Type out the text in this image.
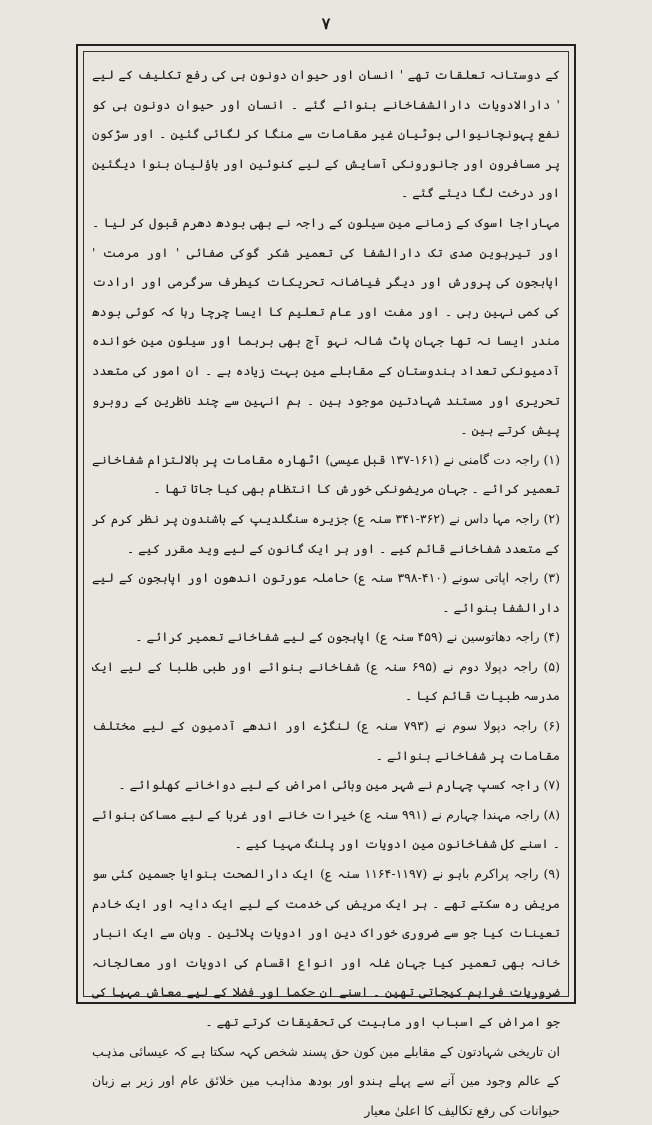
۷

کے دوستانہ تعلقات تھے ' انسان اور حیوان دونون ہی کی رفع تکلیف کے لیے ' دارالادویات دارالشفاخانے بنوائے گئے ۔ انسان اور حیوان دونون ہی کو نفع پہونچانیوالی بوٹیان غیر مقامات سے منگا کر لگائی گئین ۔ اور سڑکون پر مسافرون اور جانورونکی آسایش کے لیے کنوئین اور باؤلیان بنوا دیگئین اور درخت لگا دیئے گئے ۔

مہاراجا اسوک کے زمانے مین سیلون کے راجہ نے بھی بودھ دھرم قبول کر لیا ۔ اور تیرہوین صدی تک دارالشفا کی تعمیر شکر گوکی صفائی ' اور مرمت ' اپاہجون کی پرورش اور دیگر فیاضانہ تحریکات کیطرف سرگرمی اور ارادت کی کمی نہین رہی ۔ اور مفت اور عام تعلیم کا ایسا چرچا رہا کہ کوئی بودھ مندر ایسا نہ تھا جہان پاٹ شالہ نہو آج بھی برہما اور سیلون مین خواندہ آدمیونکی تعداد ہندوستان کے مقابلے مین بہت زیادہ ہے ۔ ان امور کی متعدد تحریری اور مستند شہادتین موجود ہین ۔ ہم انہین سے چند ناظرین کے روبرو پیش کرتے ہین ۔

(۱) راجہ دت گامنی نے (۱۶۱-۱۳۷ قبل عیسی) اٹھارہ مقامات پر بالالتزام شفاخانے تعمیر کرائے ۔ جہان مریضونکی خورش کا انتظام بھی کیا جاتا تھا ۔

(۲) راجہ مہا داس نے (۳۶۲-۳۴۱ سنہ ع) جزیرہ سنگلدیپ کے باشندون پر نظر کرم کر کے متعدد شفاخانے قائم کیے ۔ اور ہر ایک گانون کے لیے وید مقرر کیے ۔

(۳) راجہ اپاتی سونے (۴۱۰-۳۹۸ سنہ ع) حاملہ عورتون اندھون اور اپاہجون کے لیے دارالشفا بنوائے ۔

(۴) راجہ دھاتوسین نے (۴۵۹ سنہ ع) اپاہجون کے لیے شفاخانے تعمیر کرائے ۔

(۵) راجہ دپولا دوم نے (۶۹۵ سنہ ع) شفاخانے بنوائے اور طبی طلبا کے لیے ایک مدرسہ طبیات قائم کیا ۔

(۶) راجہ دپولا سوم نے (۷۹۳ سنہ ع) لنگڑے اور اندھے آدمیون کے لیے مختلف مقامات پر شفاخانے بنوائے ۔

(۷) راجہ کسپ چہارم نے شہر مین وبائی امراض کے لیے دواخانے کھلوائے ۔

(۸) راجہ مہندا چہارم نے (۹۹۱ سنہ ع) خیرات خانے اور غربا کے لیے مساکن بنوائے ۔ اسنے کل شفاخانون مین ادویات اور پلنگ مہیا کیے ۔

(۹) راجہ پراکرم باہو نے (۱۱۹۷-۱۱۶۴ سنہ ع) ایک دارالصحت بنوایا جسمین کئی سو مریض رہ سکتے تھے ۔ ہر ایک مریض کی خدمت کے لیے ایک دایہ اور ایک خادم تعینات کیا جو سے ضروری خوراک دین اور ادویات پلائین ۔ وہان سے ایک انبار خانہ بھی تعمیر کیا جہان غلہ اور انواع اقسام کی ادویات اور معالجانہ ضروریات فراہم کیجاتی تھین ۔ اسنے ان حکما اور فضلا کے لیے معاش مہیا کی جو امراض کے اسباب اور ماہیت کی تحقیقات کرتے تھے ۔

ان تاریخی شہادتون کے مقابلے مین کون حق پسند شخص کہہ سکتا ہے کہ عیسائی مذہب کے عالم وجود مین آنے سے پہلے ہندو اور بودھ مذاہب مین خلائق عام اور زیر بے زبان حیوانات کی رفع تکالیف کا اعلیٰ معیار
